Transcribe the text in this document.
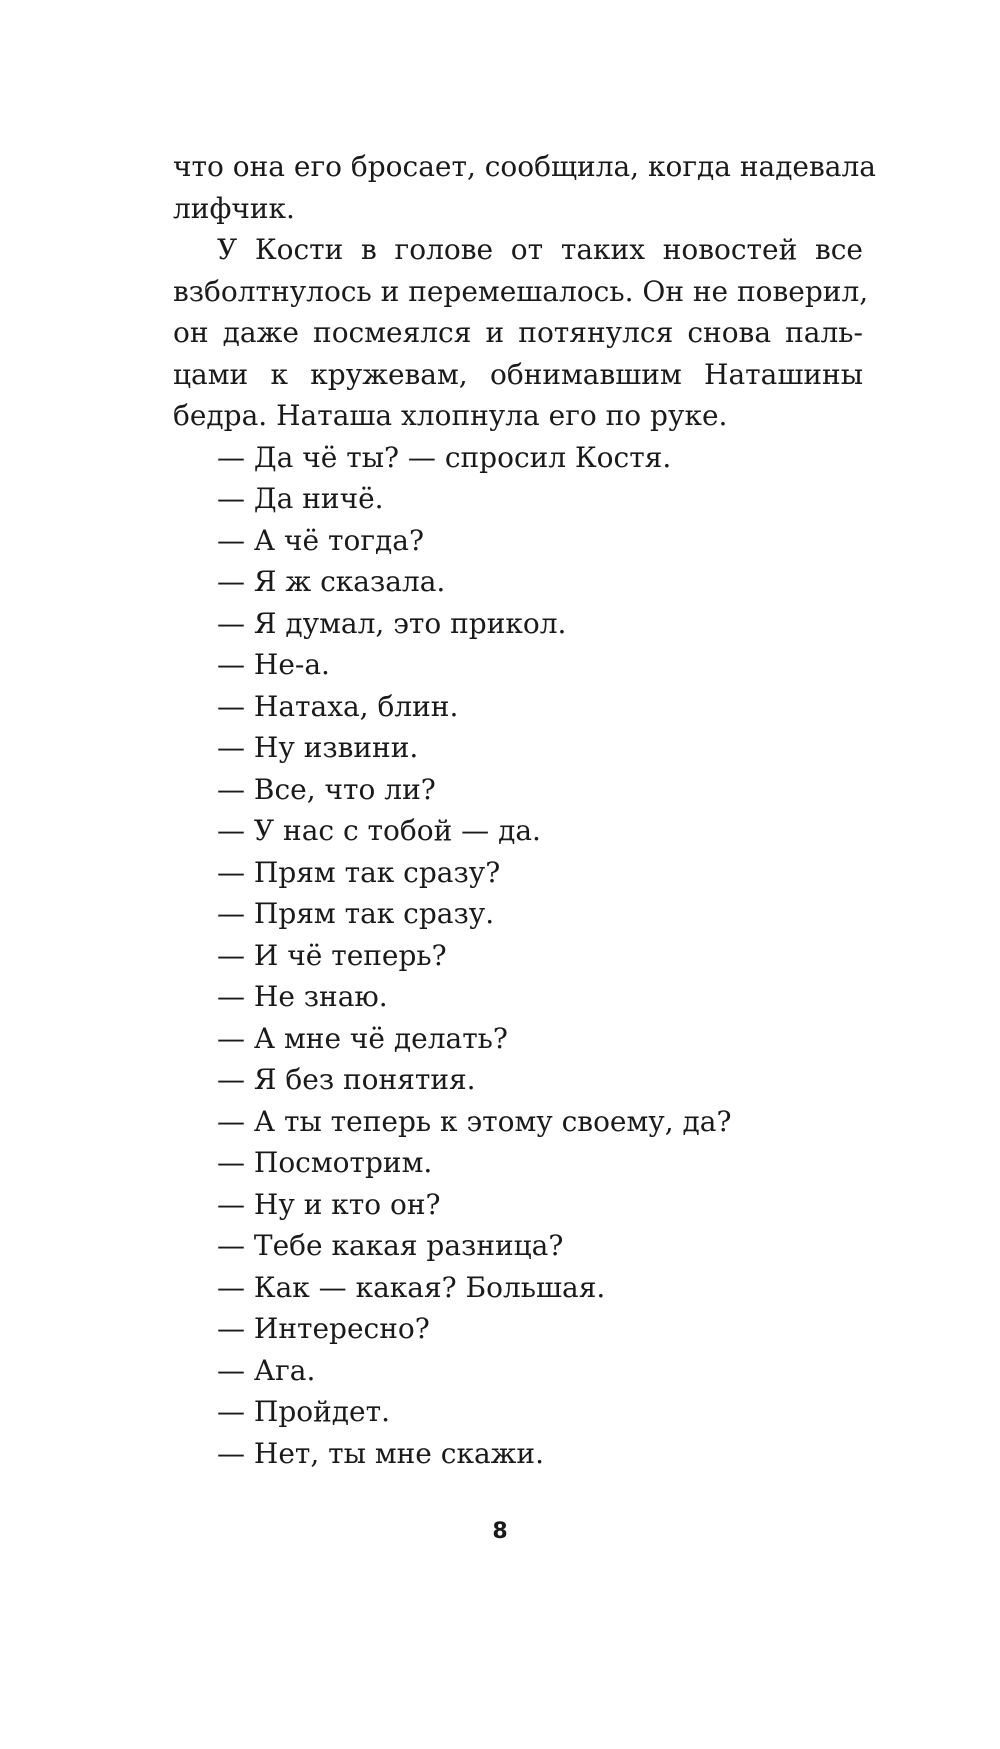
что она его бросает, сообщила, когда надевала
лифчик.

У Кости в голове от таких новостей все
взболтнулось и перемешалось. Он не поверил,
он даже посмеялся и потянулся снова паль-
цами к кружевам, обнимавшим Наташины
бедра. Наташа хлопнула его по руке.

— Да чё ты? — спросил Костя.
— Да ничё.
— А чё тогда?
— Я ж сказала.
— Я думал, это прикол.
— Не-а.
— Натаха, блин.
— Ну извини.
— Все, что ли?
— У нас с тобой — да.
— Прям так сразу?
— Прям так сразу.
— И чё теперь?
— Не знаю.
— А мне чё делать?
— Я без понятия.
— А ты теперь к этому своему, да?
— Посмотрим.
— Ну и кто он?
— Тебе какая разница?
— Как — какая? Большая.
— Интересно?
— Ага.
— Пройдет.
— Нет, ты мне скажи.
8
